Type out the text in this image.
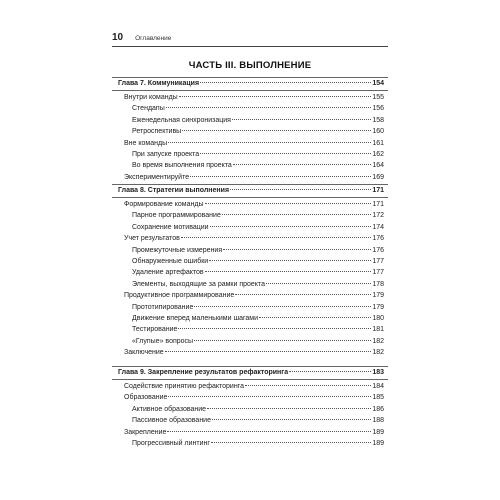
10 Оглавление
ЧАСТЬ III. ВЫПОЛНЕНИЕ
Глава 7. Коммуникация	154
Внутри команды	155
Стендапы	156
Еженедельная синхронизация	158
Ретроспективы	160
Вне команды	161
При запуске проекта	162
Во время выполнения проекта	164
Экспериментируйте	169
Глава 8. Стратегии выполнения	171
Формирование команды	171
Парное программирование	172
Сохранение мотивации	174
Учет результатов	176
Промежуточные измерения	176
Обнаруженные ошибки	177
Удаление артефактов	177
Элементы, выходящие за рамки проекта	178
Продуктивное программирование	179
Прототипирование	179
Движение вперед маленькими шагами	180
Тестирование	181
«Глупые» вопросы	182
Заключение	182
Глава 9. Закрепление результатов рефакторинга	183
Содействие принятию рефакторинга	184
Образование	185
Активное образование	186
Пассивное образование	188
Закрепление	189
Прогрессивный линтинг	189
